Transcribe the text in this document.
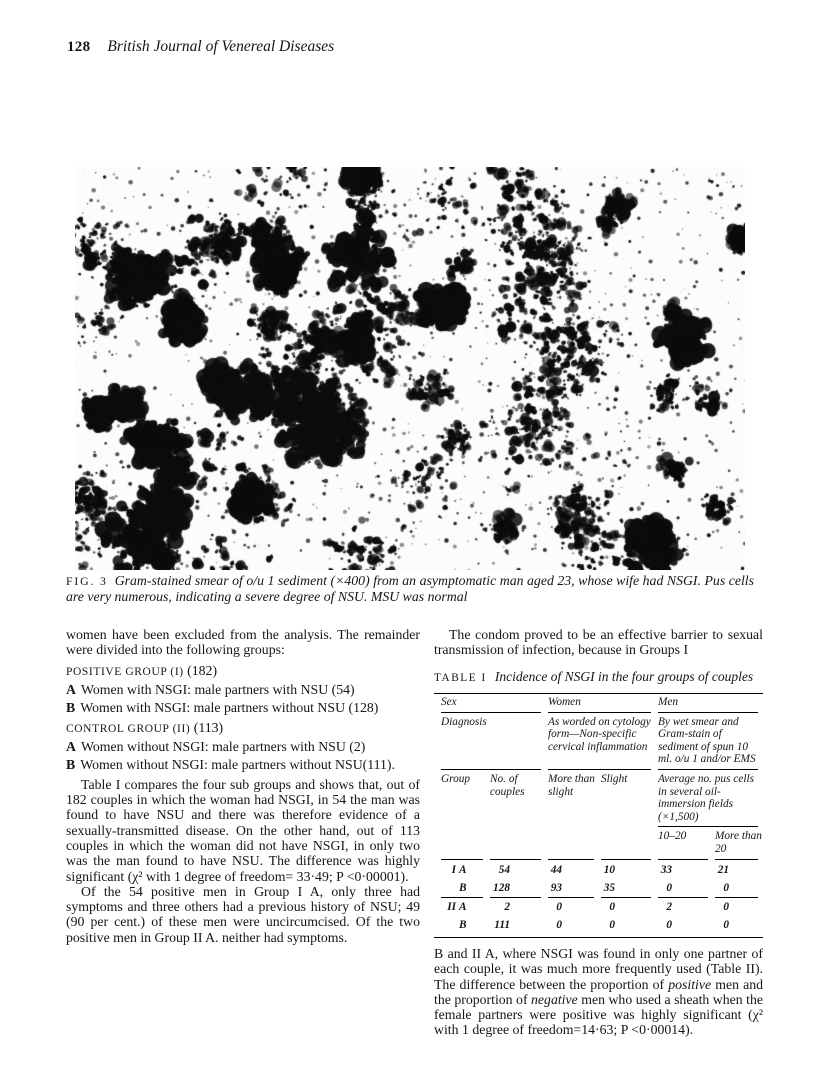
128 British Journal of Venereal Diseases

FIG. 3 Gram-stained smear of o/u 1 sediment (×400) from an asymptomatic man aged 23, whose wife had NSGI. Pus cells are very numerous, indicating a severe degree of NSU. MSU was normal

women have been excluded from the analysis. The remainder were divided into the following groups:

POSITIVE GROUP (I) (182)

A Women with NSGI: male partners with NSU (54)

B Women with NSGI: male partners without NSU (128)

CONTROL GROUP (II) (113)

A Women without NSGI: male partners with NSU (2)

B Women without NSGI: male partners without NSU(111).

Table I compares the four sub groups and shows that, out of 182 couples in which the woman had NSGI, in 54 the man was found to have NSU and there was therefore evidence of a sexually-transmitted disease. On the other hand, out of 113 couples in which the woman did not have NSGI, in only two was the man found to have NSU. The difference was highly significant (χ² with 1 degree of freedom= 33·49; P <0·00001).

Of the 54 positive men in Group I A, only three had symptoms and three others had a previous history of NSU; 49 (90 per cent.) of these men were uncircumcised. Of the two positive men in Group II A. neither had symptoms.

The condom proved to be an effective barrier to sexual transmission of infection, because in Groups I

TABLE I Incidence of NSGI in the four groups of couples

Sex		Women		Men	
Diagnosis		As worded on cytology form—Non-specific cervical inflammation		By wet smear and Gram-stain of sediment of spun 10 ml. o/u 1 and/or EMS	
Group	No. of couples	More than slight	Slight	Average no. pus cells in several oil-immersion fields (×1,500)	
				10–20	More than 20
I A	54	44	10	33	21
B	128	93	35	0	0
II A	2	0	0	2	0
B	111	0	0	0	0

B and II A, where NSGI was found in only one partner of each couple, it was much more frequently used (Table II). The difference between the proportion of positive men and the proportion of negative men who used a sheath when the female partners were positive was highly significant (χ² with 1 degree of freedom=14·63; P <0·00014).
